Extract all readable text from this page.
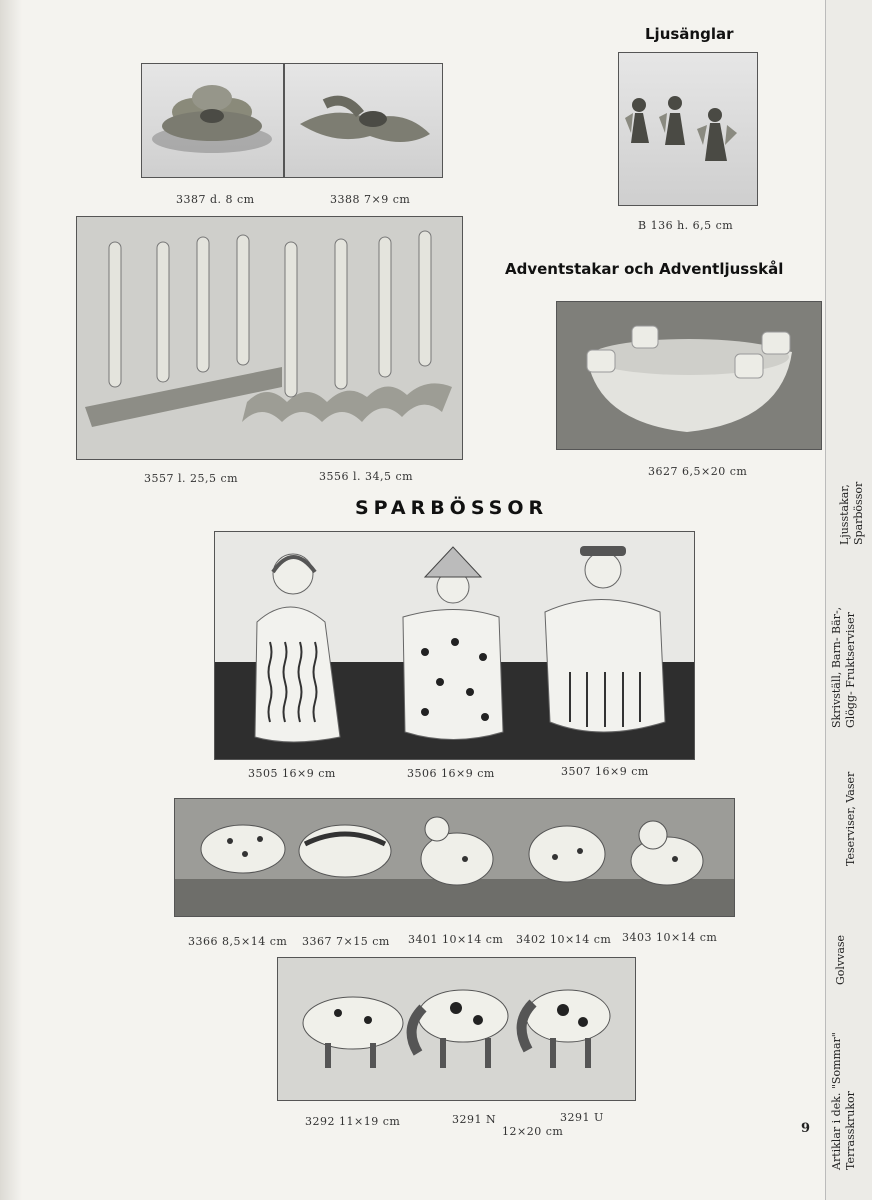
Ljusänglar
3387 d. 8 cm	3388 7×9 cm
B 136 h. 6,5 cm
3557 l. 25,5 cm	3556 l. 34,5 cm
Adventstakar och Adventljusskål
3627 6,5×20 cm
SPARBÖSSOR
3505 16×9 cm	3506 16×9 cm	3507 16×9 cm
3366 8,5×14 cm 3367 7×15 cm 3401 10×14 cm 3402 10×14 cm 3403 10×14 cm
3292 11×19 cm	3291 N	3291 U
12×20 cm	9
Ljusstakar, Sparbössor
Skrivställ, Barn- Bär-, Glögg- Fruktserviser
Teserviser, Vaser
Golvvase
Artiklar i dek. "Sommar" Terrasskrukor
